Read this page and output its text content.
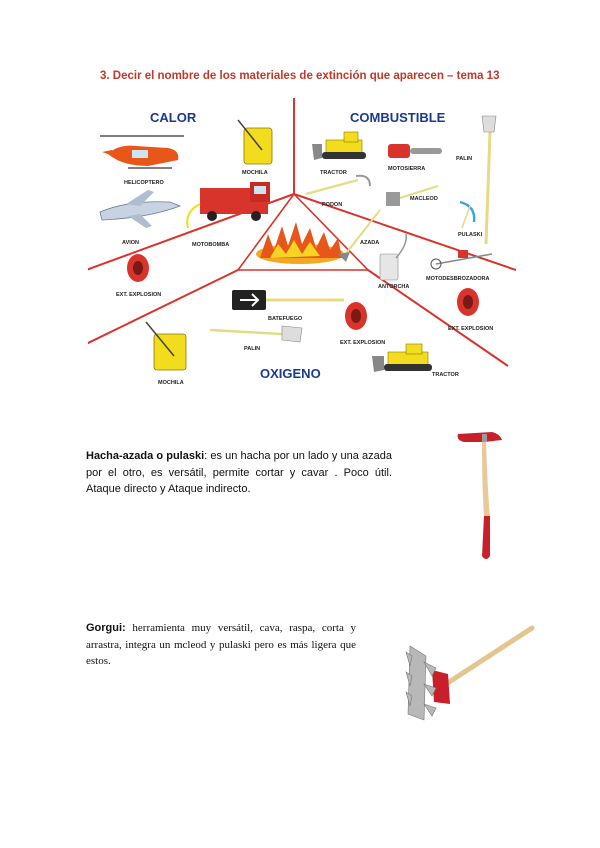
3. Decir el nombre de los materiales de extinción que aparecen – tema 13
CALOR	COMBUSTIBLE
OXIGENO
HELICOPTERO
MOCHILA
AVION	MOTOBOMBA
EXT. EXPLOSION
TRACTOR
MOTOSIERRA
PALIN
PODON
MACLEOD
PULASKI
AZADA
ANTORCHA
MOTODESBROZADORA
EXT. EXPLOSION
BATEFUEGO
PALIN
EXT. EXPLOSION
MOCHILA
TRACTOR
Hacha-azada o pulaski: es un hacha por un lado y una azada por el otro, es versátil, permite cortar y cavar . Poco útil. Ataque directo y Ataque indirecto.
Gorgui: herramienta muy versátil, cava, raspa, corta y arrastra, integra un mcleod y pulaski pero es más ligera que estos.
